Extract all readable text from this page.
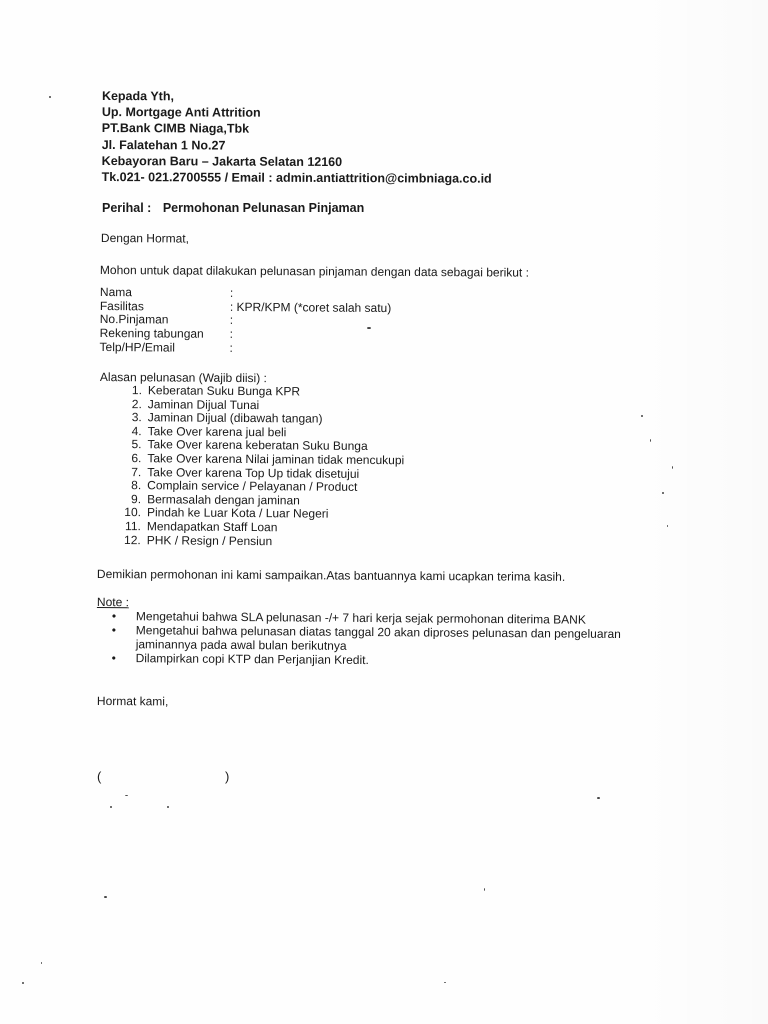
Kepada Yth,
Up. Mortgage Anti Attrition
PT.Bank CIMB Niaga,Tbk
Jl. Falatehan 1 No.27
Kebayoran Baru – Jakarta Selatan 12160
Tk.021- 021.2700555 / Email : admin.antiattrition@cimbniaga.co.id
Perihal : Permohonan Pelunasan Pinjaman
Dengan Hormat,
Mohon untuk dapat dilakukan pelunasan pinjaman dengan data sebagai berikut :
Nama	:
Fasilitas	: KPR/KPM (*coret salah satu)
No.Pinjaman	:
Rekening tabungan	:
Telp/HP/Email	:
Alasan pelunasan (Wajib diisi) :
1. Keberatan Suku Bunga KPR
2. Jaminan Dijual Tunai
3. Jaminan Dijual (dibawah tangan)
4. Take Over karena jual beli
5. Take Over karena keberatan Suku Bunga
6. Take Over karena Nilai jaminan tidak mencukupi
7. Take Over karena Top Up tidak disetujui
8. Complain service / Pelayanan / Product
9. Bermasalah dengan jaminan
10. Pindah ke Luar Kota / Luar Negeri
11. Mendapatkan Staff Loan
12. PHK / Resign / Pensiun
Demikian permohonan ini kami sampaikan.Atas bantuannya kami ucapkan terima kasih.
Note :
•	Mengetahui bahwa SLA pelunasan -/+ 7 hari kerja sejak permohonan diterima BANK
•	Mengetahui bahwa pelunasan diatas tanggal 20 akan diproses pelunasan dan pengeluaran jaminannya pada awal bulan berikutnya
•	Dilampirkan copi KTP dan Perjanjian Kredit.
Hormat kami,
(	)
